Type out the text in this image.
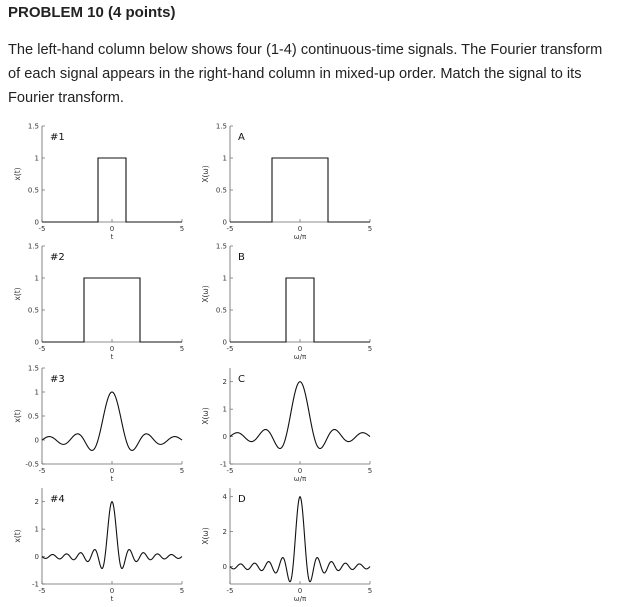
PROBLEM 10 (4 points)
The left-hand column below shows four (1-4) continuous-time signals. The Fourier transform of each signal appears in the right-hand column in mixed-up order. Match the signal to its Fourier transform.
1.5
1
0.5
0
-5	0	5
t
x(t)
#1
1.5
1
0.5
0
-5	0	5
ω/π
X(ω)
A
1.5
1
0.5
0
-5	0	5
t
x(t)
#2
1.5
1
0.5
0
-5	0	5
ω/π
X(ω)
B
1.5
1
0.5
0
-0.5
-5	0	5
t
x(t)
#3	2
1
0
-1
-5	0	5
ω/π
X(ω)
C
2
1
0
-1
-5	0	5
t
x(t)
#4	4
2
0
-5	0	5
ω/π
X(ω)
D
